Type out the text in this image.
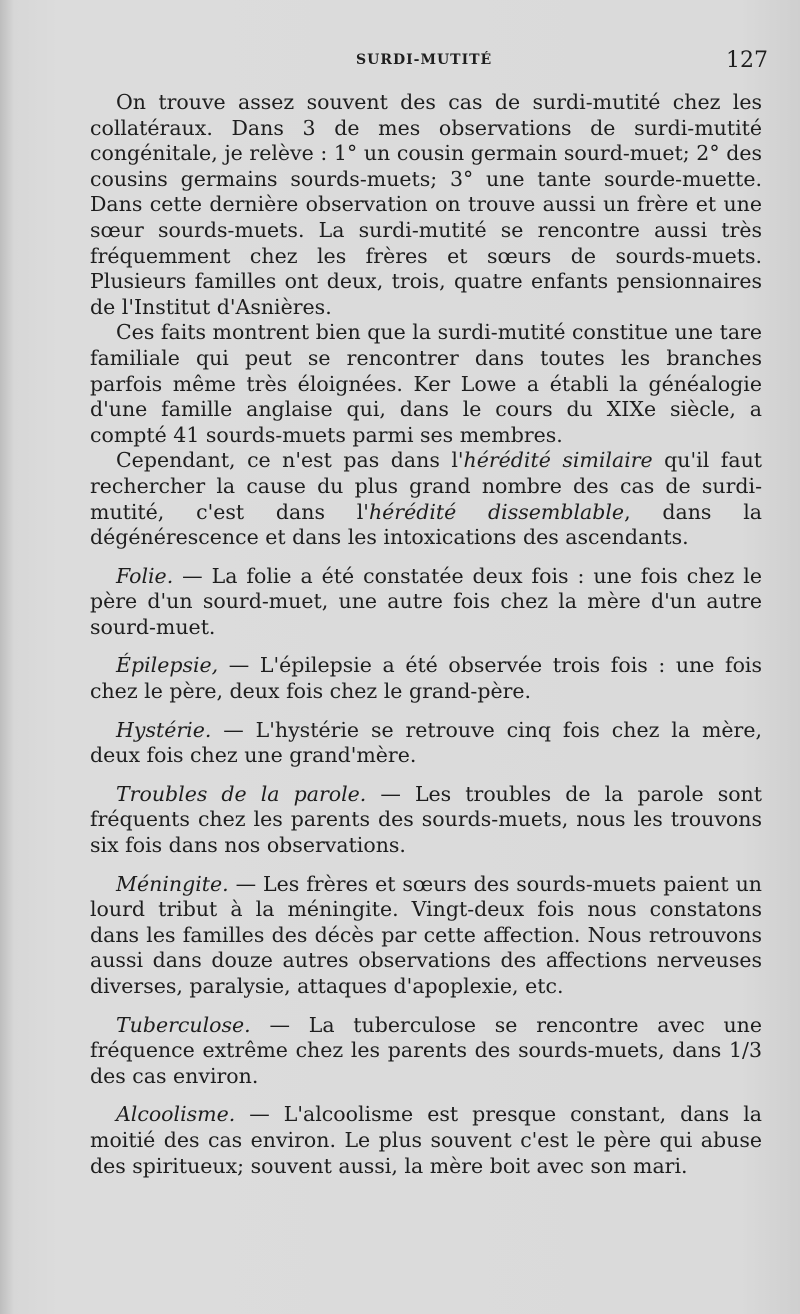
SURDI-MUTITÉ	127

On trouve assez souvent des cas de surdi-mutité chez les collatéraux. Dans 3 de mes observations de surdi-mutité congénitale, je relève : 1° un cousin germain sourd-muet; 2° des cousins germains sourds-muets; 3° une tante sourde-muette. Dans cette dernière observation on trouve aussi un frère et une sœur sourds-muets. La surdi-mutité se rencontre aussi très fréquemment chez les frères et sœurs de sourds-muets. Plusieurs familles ont deux, trois, quatre enfants pensionnaires de l'Institut d'Asnières.

Ces faits montrent bien que la surdi-mutité constitue une tare familiale qui peut se rencontrer dans toutes les branches parfois même très éloignées. Ker Lowe a établi la généalogie d'une famille anglaise qui, dans le cours du XIXe siècle, a compté 41 sourds-muets parmi ses membres.

Cependant, ce n'est pas dans l'hérédité similaire qu'il faut rechercher la cause du plus grand nombre des cas de surdi-mutité, c'est dans l'hérédité dissemblable, dans la dégénérescence et dans les intoxications des ascendants.

Folie. — La folie a été constatée deux fois : une fois chez le père d'un sourd-muet, une autre fois chez la mère d'un autre sourd-muet.

Épilepsie, — L'épilepsie a été observée trois fois : une fois chez le père, deux fois chez le grand-père.

Hystérie. — L'hystérie se retrouve cinq fois chez la mère, deux fois chez une grand'mère.

Troubles de la parole. — Les troubles de la parole sont fréquents chez les parents des sourds-muets, nous les trouvons six fois dans nos observations.

Méningite. — Les frères et sœurs des sourds-muets paient un lourd tribut à la méningite. Vingt-deux fois nous constatons dans les familles des décès par cette affection. Nous retrouvons aussi dans douze autres observations des affections nerveuses diverses, paralysie, attaques d'apoplexie, etc.

Tuberculose. — La tuberculose se rencontre avec une fréquence extrême chez les parents des sourds-muets, dans 1/3 des cas environ.

Alcoolisme. — L'alcoolisme est presque constant, dans la moitié des cas environ. Le plus souvent c'est le père qui abuse des spiritueux; souvent aussi, la mère boit avec son mari.
